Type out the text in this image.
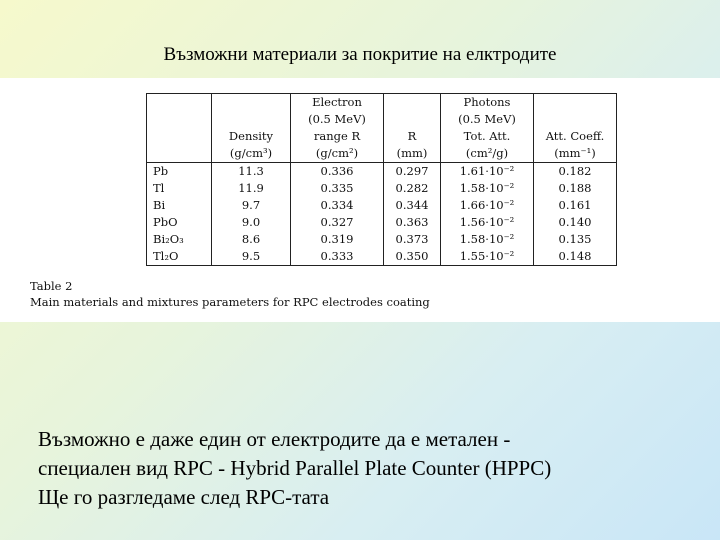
Възможни материали за покритие на елктродите
		Electron		Photons	
		(0.5 MeV)		(0.5 MeV)	
	Density	range R	R	Tot. Att.	Att. Coeff.
	(g/cm³)	(g/cm²)	(mm)	(cm²/g)	(mm⁻¹)
Pb	11.3	0.336	0.297	1.61·10⁻²	0.182
Tl	11.9	0.335	0.282	1.58·10⁻²	0.188
Bi	9.7	0.334	0.344	1.66·10⁻²	0.161
PbO	9.0	0.327	0.363	1.56·10⁻²	0.140
Bi₂O₃	8.6	0.319	0.373	1.58·10⁻²	0.135
Tl₂O	9.5	0.333	0.350	1.55·10⁻²	0.148
Table 2
Main materials and mixtures parameters for RPC electrodes coating
Възможно е даже един от електродите да е метален -
специален вид RPC - Hybrid Parallel Plate Counter (HPPC)
Ще го разгледаме след RPC-тата
